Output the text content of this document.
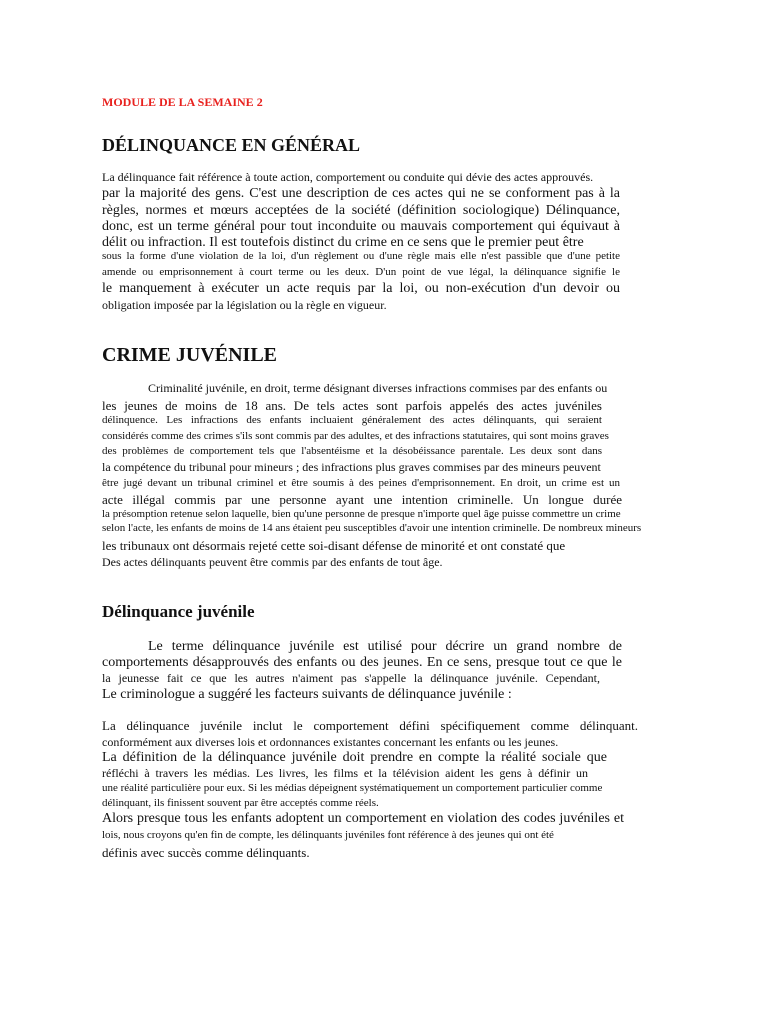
MODULE DE LA SEMAINE 2
DÉLINQUANCE EN GÉNÉRAL
La délinquance fait référence à toute action, comportement ou conduite qui dévie des actes approuvés.
par la majorité des gens. C'est une description de ces actes qui ne se conforment pas à la
règles, normes et mœurs acceptées de la société (définition sociologique) Délinquance,
donc, est un terme général pour tout inconduite ou mauvais comportement qui équivaut à
délit ou infraction. Il est toutefois distinct du crime en ce sens que le premier peut être
sous la forme d'une violation de la loi, d'un règlement ou d'une règle mais elle n'est passible que d'une petite
amende ou emprisonnement à court terme ou les deux. D'un point de vue légal, la délinquance signifie le
le manquement à exécuter un acte requis par la loi, ou non-exécution d'un devoir ou
obligation imposée par la législation ou la règle en vigueur.
CRIME JUVÉNILE
Criminalité juvénile, en droit, terme désignant diverses infractions commises par des enfants ou
les jeunes de moins de 18 ans. De tels actes sont parfois appelés des actes juvéniles
délinquence. Les infractions des enfants incluaient généralement des actes délinquants, qui seraient
considérés comme des crimes s'ils sont commis par des adultes, et des infractions statutaires, qui sont moins graves
des problèmes de comportement tels que l'absentéisme et la désobéissance parentale. Les deux sont dans
la compétence du tribunal pour mineurs ; des infractions plus graves commises par des mineurs peuvent
être jugé devant un tribunal criminel et être soumis à des peines d'emprisonnement. En droit, un crime est un
acte illégal commis par une personne ayant une intention criminelle. Un longue durée
la présomption retenue selon laquelle, bien qu'une personne de presque n'importe quel âge puisse commettre un crime
selon l'acte, les enfants de moins de 14 ans étaient peu susceptibles d'avoir une intention criminelle. De nombreux mineurs
les tribunaux ont désormais rejeté cette soi-disant défense de minorité et ont constaté que
Des actes délinquants peuvent être commis par des enfants de tout âge.
Délinquance juvénile
Le terme délinquance juvénile est utilisé pour décrire un grand nombre de
comportements désapprouvés des enfants ou des jeunes. En ce sens, presque tout ce que le
la jeunesse fait ce que les autres n'aiment pas s'appelle la délinquance juvénile. Cependant,
Le criminologue a suggéré les facteurs suivants de délinquance juvénile :
La délinquance juvénile inclut le comportement défini spécifiquement comme délinquant.
conformément aux diverses lois et ordonnances existantes concernant les enfants ou les jeunes.
La définition de la délinquance juvénile doit prendre en compte la réalité sociale que
réfléchi à travers les médias. Les livres, les films et la télévision aident les gens à définir un
une réalité particulière pour eux. Si les médias dépeignent systématiquement un comportement particulier comme
délinquant, ils finissent souvent par être acceptés comme réels.
Alors presque tous les enfants adoptent un comportement en violation des codes juvéniles et
lois, nous croyons qu'en fin de compte, les délinquants juvéniles font référence à des jeunes qui ont été
définis avec succès comme délinquants.
